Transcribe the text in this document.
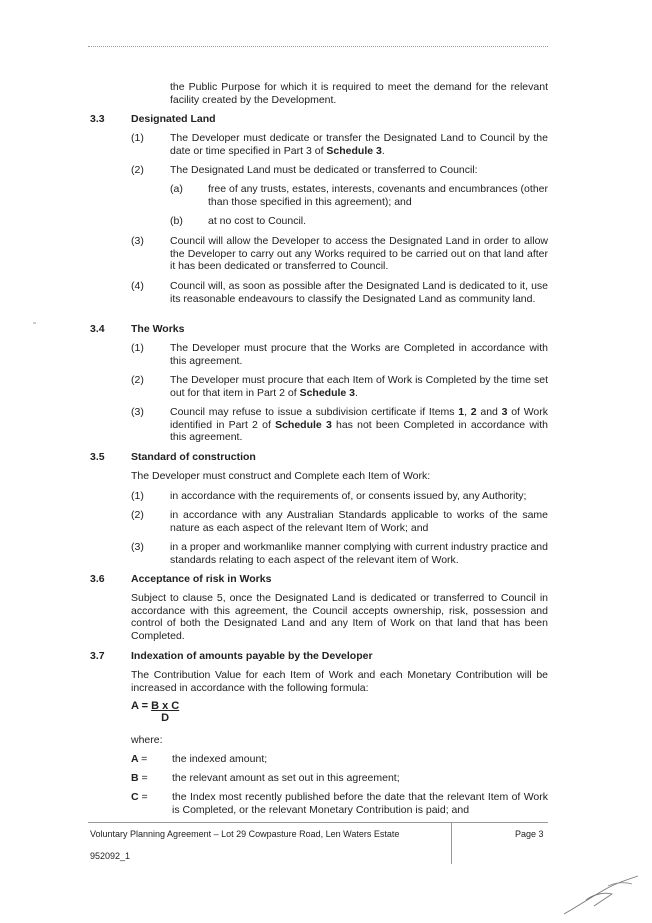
the Public Purpose for which it is required to meet the demand for the relevant facility created by the Development.
3.3	Designated Land
(1) The Developer must dedicate or transfer the Designated Land to Council by the date or time specified in Part 3 of Schedule 3.
(2) The Designated Land must be dedicated or transferred to Council:
(a) free of any trusts, estates, interests, covenants and encumbrances (other than those specified in this agreement); and
(b) at no cost to Council.
(3) Council will allow the Developer to access the Designated Land in order to allow the Developer to carry out any Works required to be carried out on that land after it has been dedicated or transferred to Council.
(4) Council will, as soon as possible after the Designated Land is dedicated to it, use its reasonable endeavours to classify the Designated Land as community land.
3.4	The Works
(1) The Developer must procure that the Works are Completed in accordance with this agreement.
(2) The Developer must procure that each Item of Work is Completed by the time set out for that item in Part 2 of Schedule 3.
(3) Council may refuse to issue a subdivision certificate if Items 1, 2 and 3 of Work identified in Part 2 of Schedule 3 has not been Completed in accordance with this agreement.
3.5	Standard of construction
The Developer must construct and Complete each Item of Work:
(1) in accordance with the requirements of, or consents issued by, any Authority;
(2) in accordance with any Australian Standards applicable to works of the same nature as each aspect of the relevant Item of Work; and
(3) in a proper and workmanlike manner complying with current industry practice and standards relating to each aspect of the relevant item of Work.
3.6	Acceptance of risk in Works
Subject to clause 5, once the Designated Land is dedicated or transferred to Council in accordance with this agreement, the Council accepts ownership, risk, possession and control of both the Designated Land and any Item of Work on that land that has been Completed.
3.7	Indexation of amounts payable by the Developer
The Contribution Value for each Item of Work and each Monetary Contribution will be increased in accordance with the following formula:
$A = \frac{\text{B x C}}{D}$
where:
A = the indexed amount;
B = the relevant amount as set out in this agreement;
C = the Index most recently published before the date that the relevant Item of Work is Completed, or the relevant Monetary Contribution is paid; and
Voluntary Planning Agreement – Lot 29 Cowpasture Road, Len Waters Estate
952092_1
Page 3
